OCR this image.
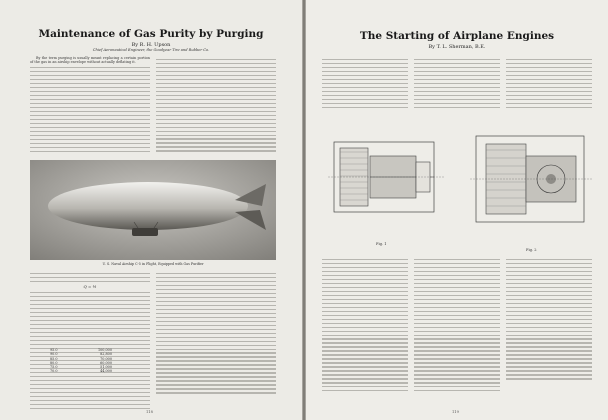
Maintenance of Gas Purity by Purging
By R. H. Upson
Chief Aeronautical Engineer, the Goodyear Tire and Rubber Co.

By the term purging is usually meant replacing a certain portion of the gas in an airship envelope without actually deflating it.

U. S. Naval Airship C-5 in Flight, Equipped with Gas Purifier
Q = ½
95.0	100,000
90.0	82,800
85.0	70,000
80.0	60,000
75.0	51,000
70.0	44,000
118
The Starting of Airplane Engines
By T. L. Sherman, B.E.
Fig. 1
Fig. 2
119
